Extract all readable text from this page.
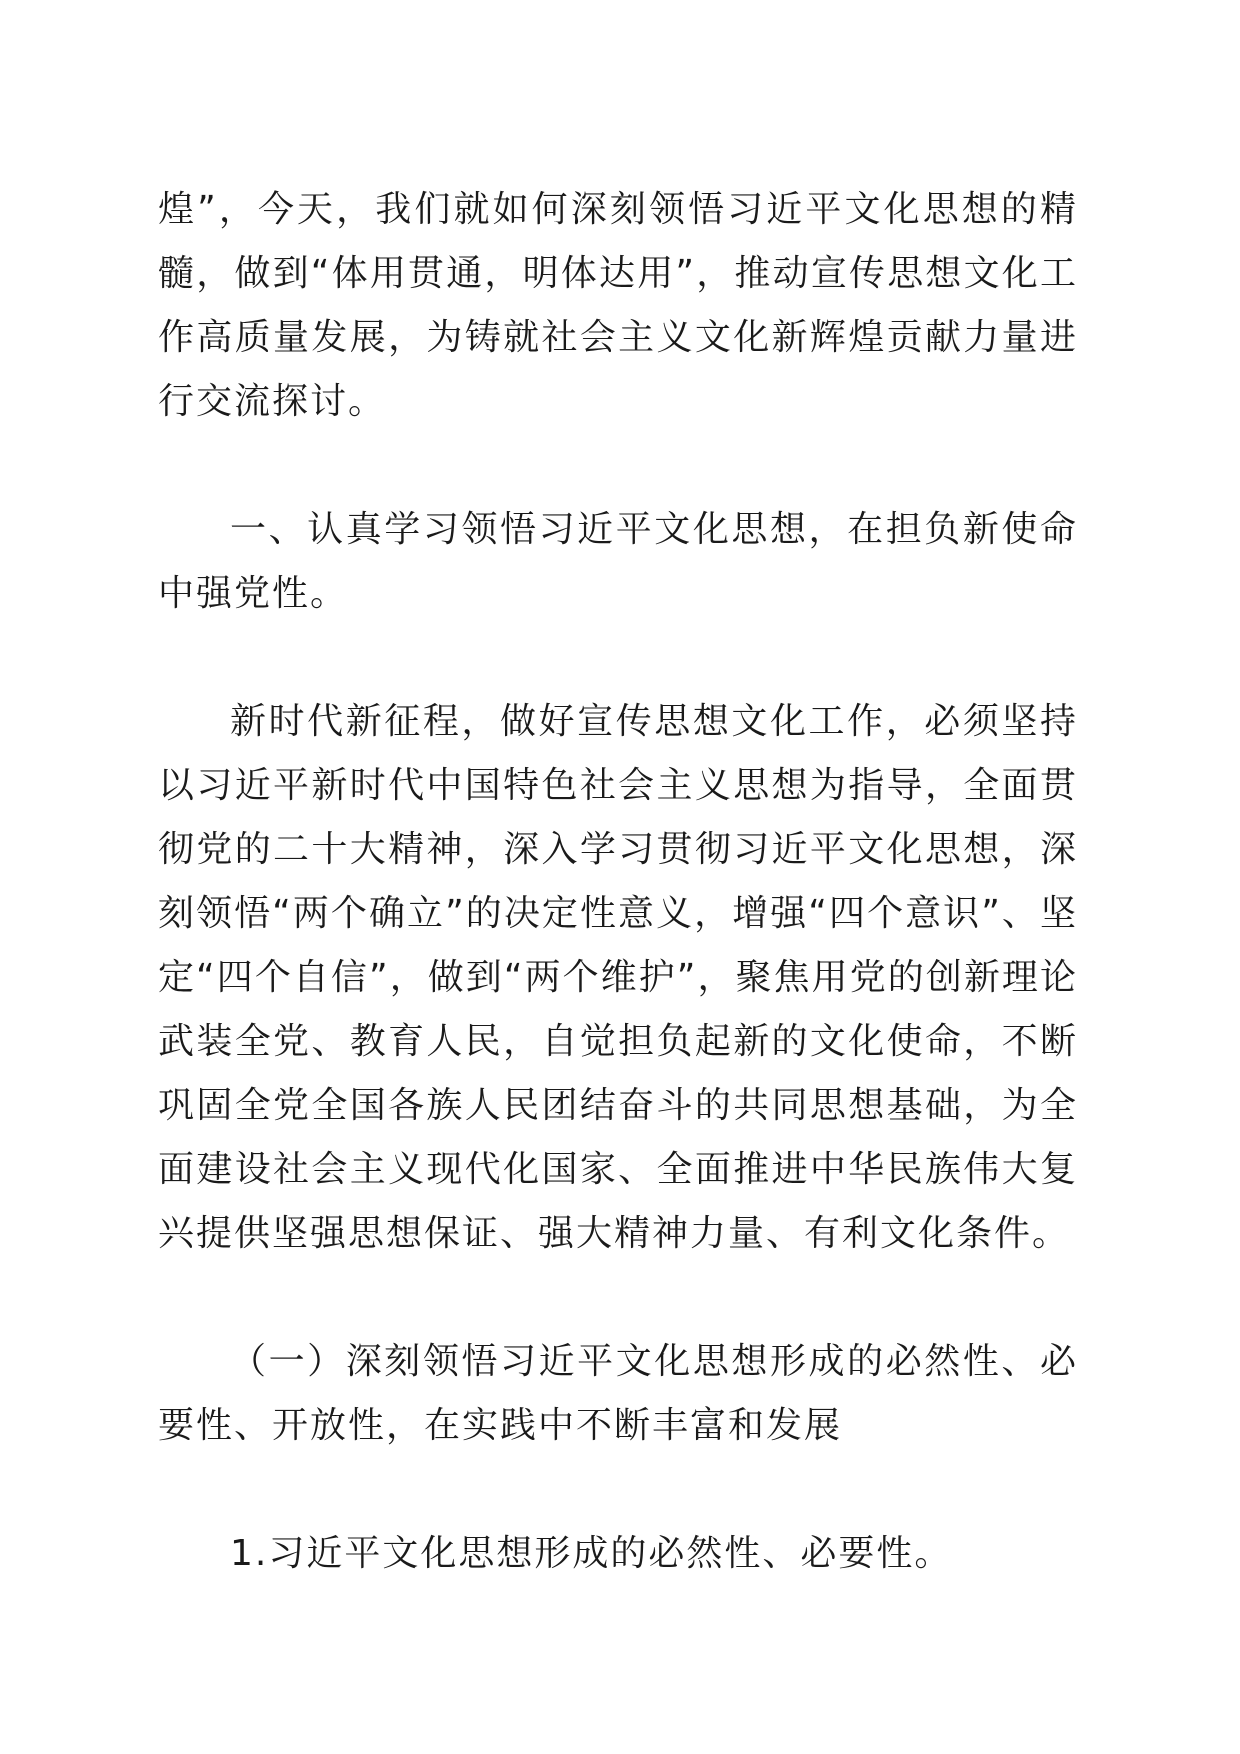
煌”，今天，我们就如何深刻领悟习近平文化思想的精髓，做到“体用贯通，明体达用”，推动宣传思想文化工作高质量发展，为铸就社会主义文化新辉煌贡献力量进行交流探讨。

一、认真学习领悟习近平文化思想，在担负新使命中强党性。

新时代新征程，做好宣传思想文化工作，必须坚持以习近平新时代中国特色社会主义思想为指导，全面贯彻党的二十大精神，深入学习贯彻习近平文化思想，深刻领悟“两个确立”的决定性意义，增强“四个意识”、坚定“四个自信”，做到“两个维护”，聚焦用党的创新理论武装全党、教育人民，自觉担负起新的文化使命，不断巩固全党全国各族人民团结奋斗的共同思想基础，为全面建设社会主义现代化国家、全面推进中华民族伟大复兴提供坚强思想保证、强大精神力量、有利文化条件。

（一）深刻领悟习近平文化思想形成的必然性、必要性、开放性，在实践中不断丰富和发展

1.习近平文化思想形成的必然性、必要性。
